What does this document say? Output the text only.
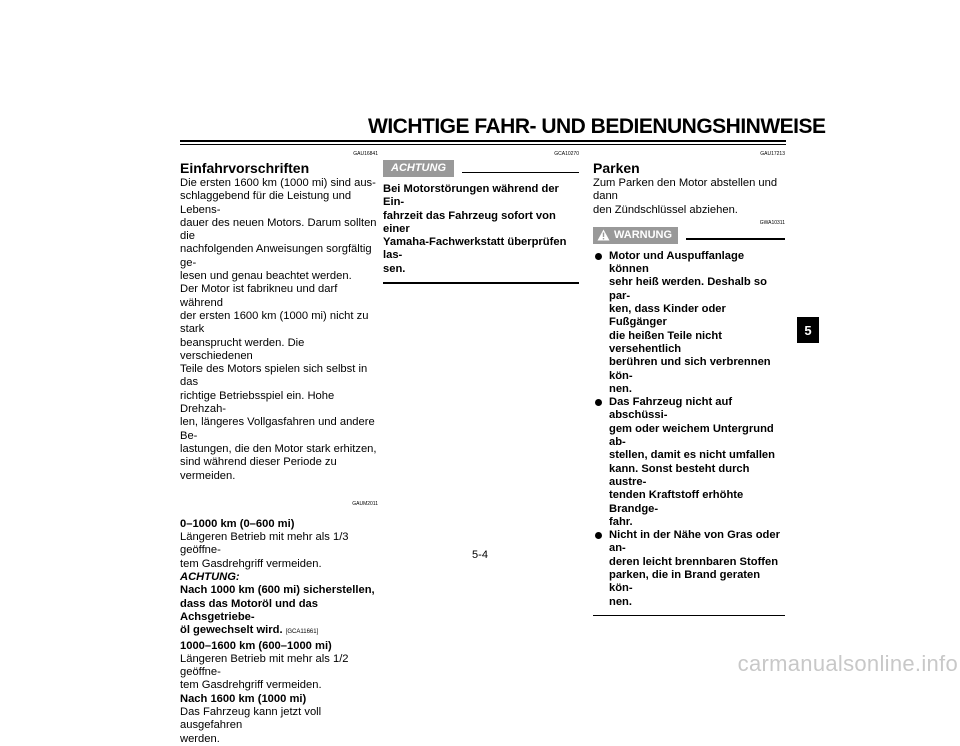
WICHTIGE FAHR- UND BEDIENUNGSHINWEISE
GAU16841
Einfahrvorschriften
Die ersten 1600 km (1000 mi) sind aus-
schlaggebend für die Leistung und Lebens-
dauer des neuen Motors. Darum sollten die
nachfolgenden Anweisungen sorgfältig ge-
lesen und genau beachtet werden.
Der Motor ist fabrikneu und darf während
der ersten 1600 km (1000 mi) nicht zu stark
beansprucht werden. Die verschiedenen
Teile des Motors spielen sich selbst in das
richtige Betriebsspiel ein. Hohe Drehzah-
len, längeres Vollgasfahren und andere Be-
lastungen, die den Motor stark erhitzen,
sind während dieser Periode zu vermeiden.
GAUM2011
0–1000 km (0–600 mi)
Längeren Betrieb mit mehr als 1/3 geöffne-
tem Gasdrehgriff vermeiden. ACHTUNG:
Nach 1000 km (600 mi) sicherstellen,
dass das Motoröl und das Achsgetriebe-
öl gewechselt wird. [GCA11661]
1000–1600 km (600–1000 mi)
Längeren Betrieb mit mehr als 1/2 geöffne-
tem Gasdrehgriff vermeiden.
Nach 1600 km (1000 mi)
Das Fahrzeug kann jetzt voll ausgefahren
werden.
GCA10270
ACHTUNG
Bei Motorstörungen während der Ein-
fahrzeit das Fahrzeug sofort von einer
Yamaha-Fachwerkstatt überprüfen las-
sen.
GAU17213
Parken
Zum Parken den Motor abstellen und dann
den Zündschlüssel abziehen.
GWA10311
WARNUNG
Motor und Auspuffanlage können
sehr heiß werden. Deshalb so par-
ken, dass Kinder oder Fußgänger
die heißen Teile nicht versehentlich
berühren und sich verbrennen kön-
nen.
Das Fahrzeug nicht auf abschüssi-
gem oder weichem Untergrund ab-
stellen, damit es nicht umfallen
kann. Sonst besteht durch austre-
tenden Kraftstoff erhöhte Brandge-
fahr.
Nicht in der Nähe von Gras oder an-
deren leicht brennbaren Stoffen
parken, die in Brand geraten kön-
nen.
5
5-4
carmanualsonline.info
